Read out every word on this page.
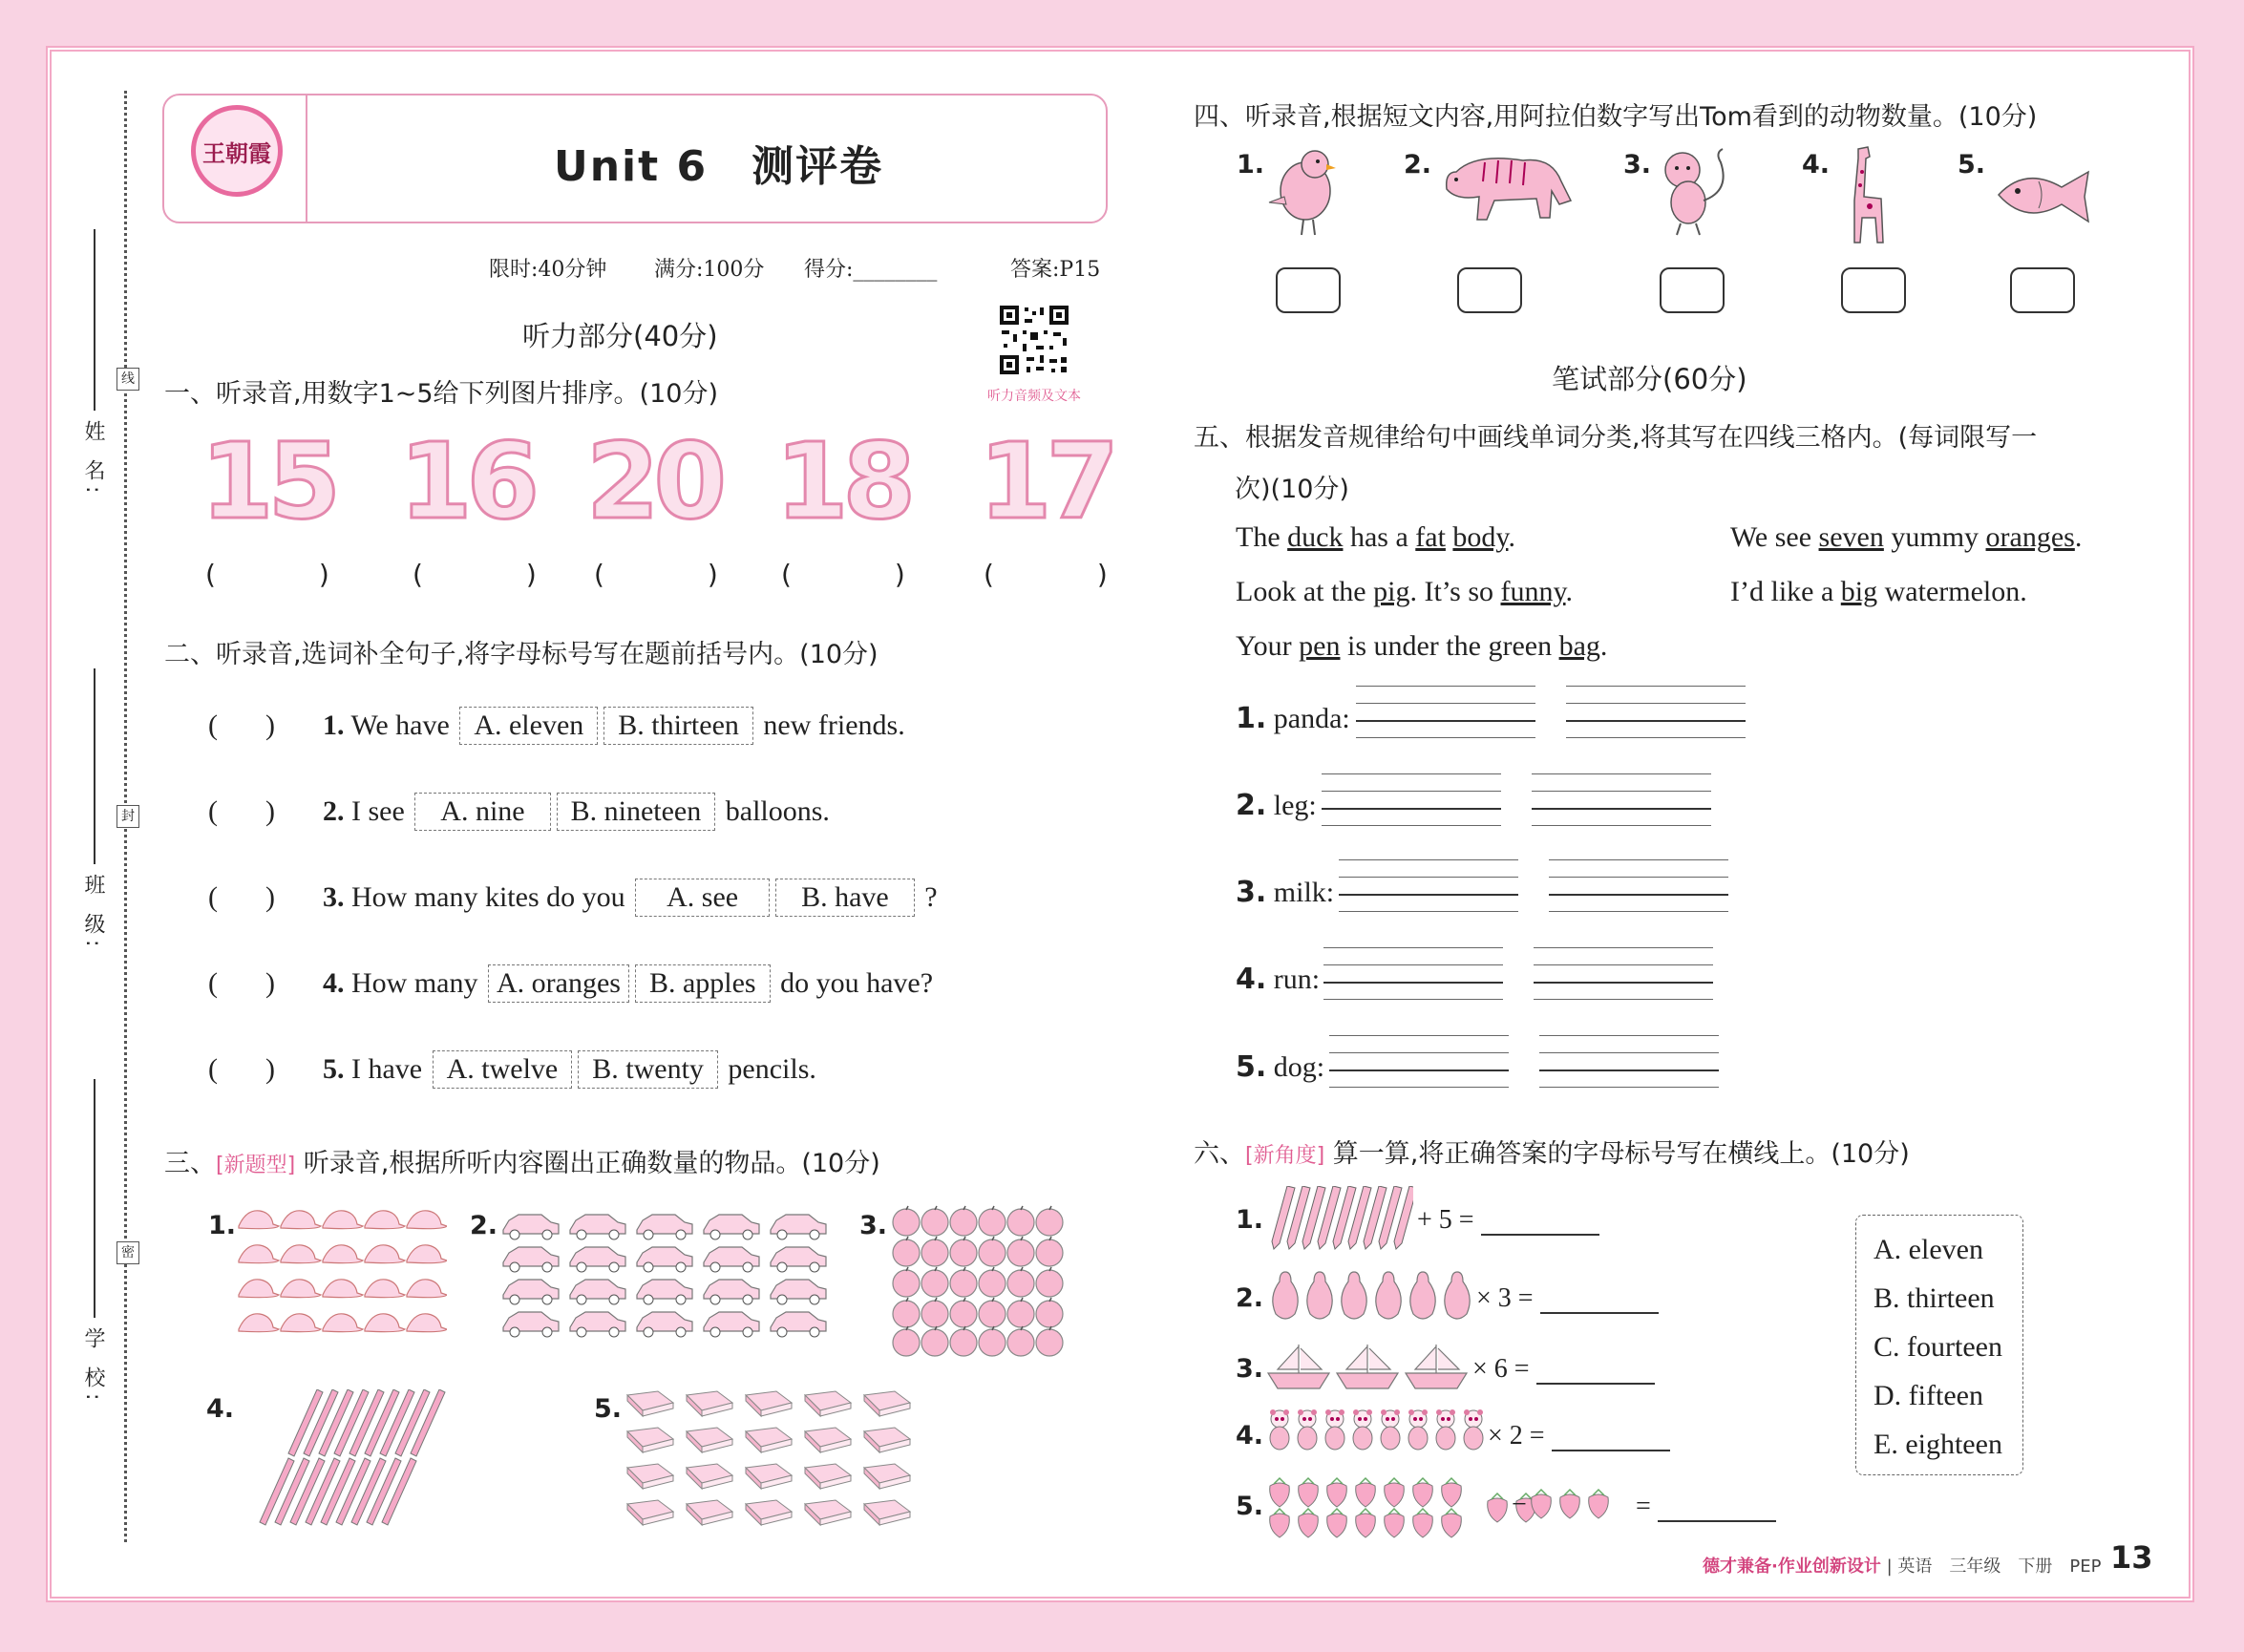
姓 名:
班 级:
学 校:
线
封
密
王朝霞	Unit 6　测评卷
限时:40分钟 满分:100分 得分:________	答案:P15
听力音频及文本
听力部分(40分)
一、听录音,用数字1~5给下列图片排序。(10分)
15 16 20 18 17
(　) (　) (　) (　) (　)
二、听录音,选词补全句子,将字母标号写在题前括号内。(10分)
()1. We have A. eleven B. thirteen new friends.
()2. I see A. nine B. nineteen balloons.
()3. How many kites do you A. see B. have ?
()4. How many A. oranges B. apples do you have?
()5. I have A. twelve B. twenty pencils.
三、[新题型] 听录音,根据所听内容圈出正确数量的物品。(10分)
1.	2.	3.
4.	5.
四、听录音,根据短文内容,用阿拉伯数字写出Tom看到的动物数量。(10分)
1.	2.	3.	4.	5.
笔试部分(60分)
五、根据发音规律给句中画线单词分类,将其写在四线三格内。(每词限写一
次)(10分)
The duck has a fat body.
Look at the pig. It’s so funny.
Your pen is under the green bag.
We see seven yummy oranges.
I’d like a big watermelon.
1. panda:
2. leg:
3. milk:
4. run:
5. dog:
六、[新角度] 算一算,将正确答案的字母标号写在横线上。(10分)
1.	+ 5 =
2.	× 3 =
3.	× 6 =
4.	× 2 =
5.	−	=
A. eleven
B. thirteen
C. fourteen
D. fifteen
E. eighteen
德才兼备·作业创新设计 | 英语　三年级　下册　PEP 13
